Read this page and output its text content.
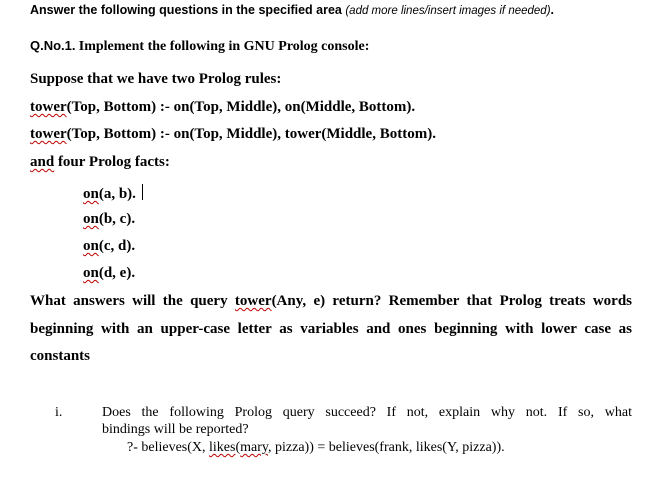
Answer the following questions in the specified area (add more lines/insert images if needed).
Q.No.1. Implement the following in GNU Prolog console:
Suppose that we have two Prolog rules:
tower(Top, Bottom) :- on(Top, Middle), on(Middle, Bottom).
tower(Top, Bottom) :- on(Top, Middle), tower(Middle, Bottom).
and four Prolog facts:
on(a, b).
on(b, c).
on(c, d).
on(d, e).
What answers will the query tower(Any, e) return? Remember that Prolog treats words
beginning with an upper-case letter as variables and ones beginning with lower case as
constants
i.	Does the following Prolog query succeed? If not, explain why not. If so, what
bindings will be reported?
?- believes(X, likes(mary, pizza)) = believes(frank, likes(Y, pizza)).
